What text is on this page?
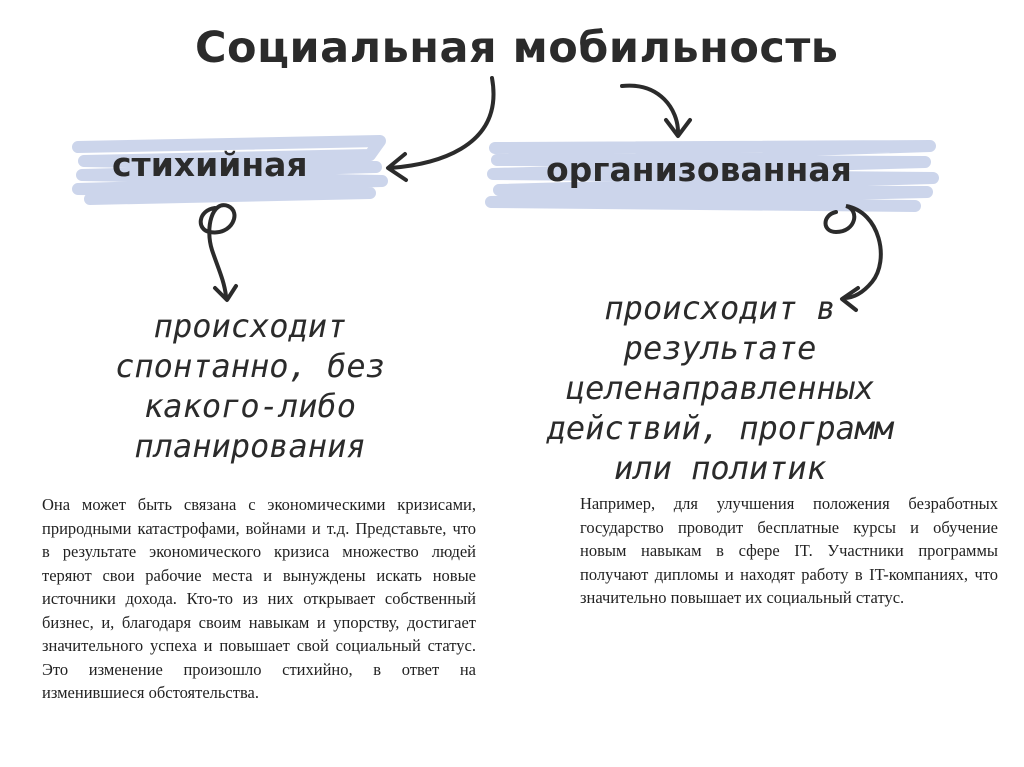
Социальная мобильность
стихийная	организованная
происходит
спонтанно, без
какого-либо
планирования
происходит в
результате
целенаправленных
действий, программ
или политик
Она может быть связана с экономическими кризисами, природными катастрофами, войнами и т.д. Представьте, что в результате экономического кризиса множество людей теряют свои рабочие места и вынуждены искать новые источники дохода. Кто-то из них открывает собственный бизнес, и, благодаря своим навыкам и упорству, достигает значительного успеха и повышает свой социальный статус. Это изменение произошло стихийно, в ответ на изменившиеся обстоятельства.
Например, для улучшения положения безработных государство проводит бесплатные курсы и обучение новым навыкам в сфере IT. Участники программы получают дипломы и находят работу в IT-компаниях, что значительно повышает их социальный статус.
